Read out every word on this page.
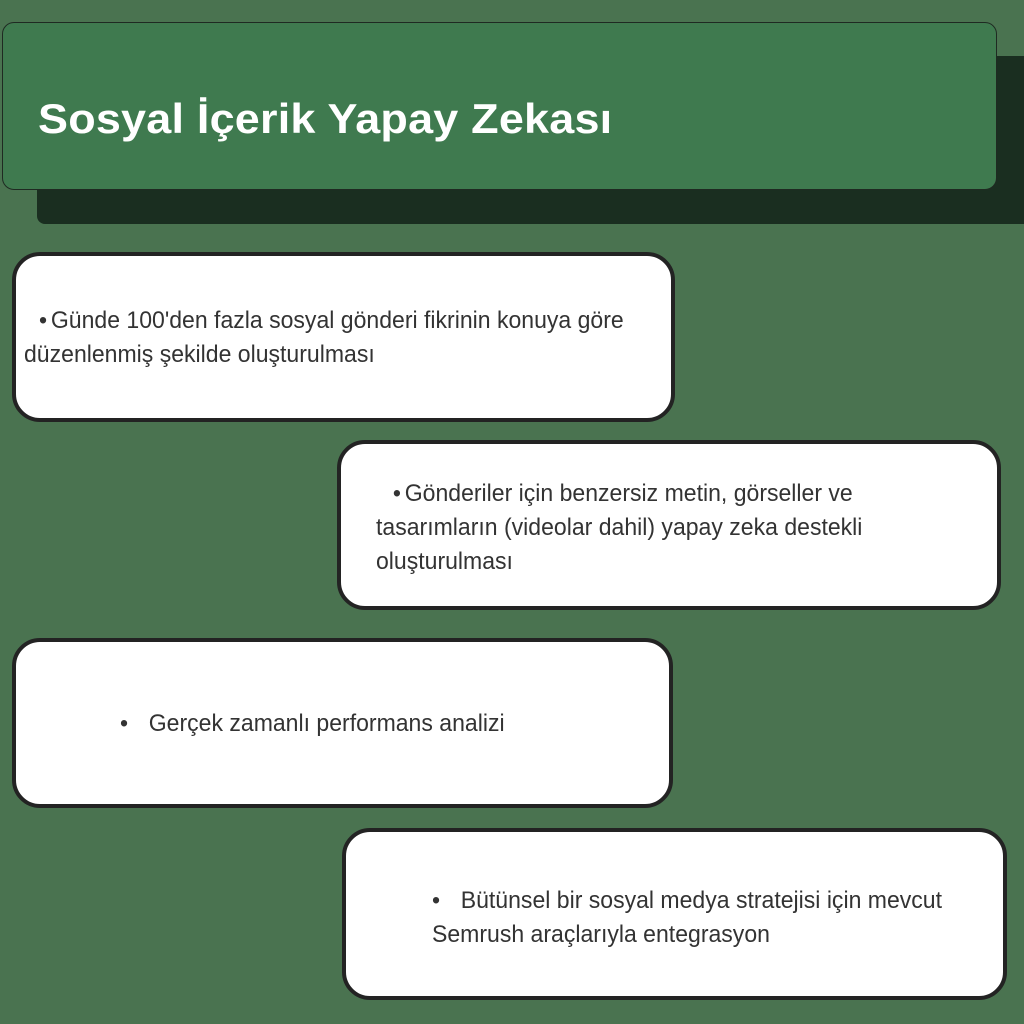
Sosyal İçerik Yapay Zekası
• Günde 100'den fazla sosyal gönderi fikrinin konuya göre düzenlenmiş şekilde oluşturulması
• Gönderiler için benzersiz metin, görseller ve tasarımların (videolar dahil) yapay zeka destekli oluşturulması
• Gerçek zamanlı performans analizi
• Bütünsel bir sosyal medya stratejisi için mevcut Semrush araçlarıyla entegrasyon
